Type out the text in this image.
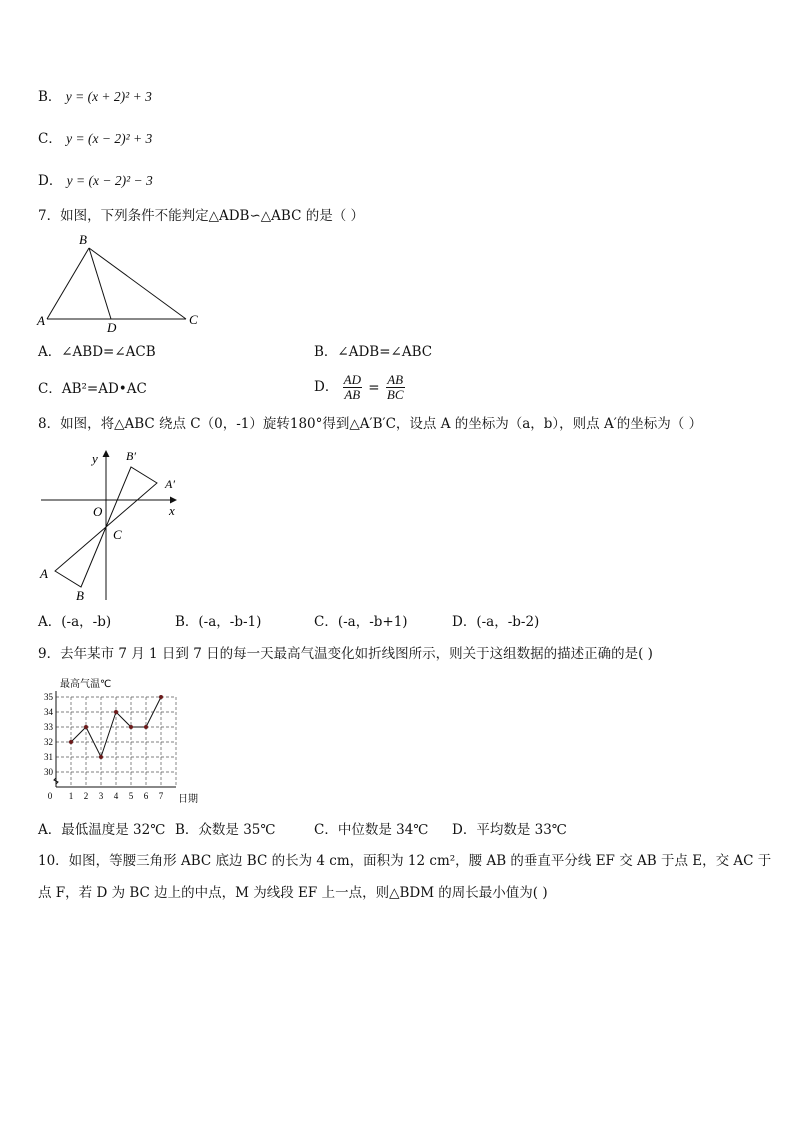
B． y = (x + 2)² + 3
C． y = (x − 2)² + 3
D． y = (x − 2)² − 3
7．如图，下列条件不能判定△ADB∽△ABC 的是（ ）
B
A	D
C
A．∠ABD=∠ACB	B．∠ADB=∠ABC
C．AB²=AD•AC	D． $\frac{AD}{AB} = \frac{AB}{BC}$
8．如图，将△ABC 绕点 C（0，-1）旋转180°得到△A′B′C，设点 A 的坐标为（a，b），则点 A′的坐标为（ ）
y
x
O
C
B′
A′
A
B
A．(-a，-b)	B．(-a，-b-1)	C．(-a，-b+1)	D．(-a，-b-2)
9．去年某市 7 月 1 日到 7 日的每一天最高气温变化如折线图所示，则关于这组数据的描述正确的是( )
30
31
32
33
34
35
0 1 2 3 4 5 6 7
最高气温℃
日期
A．最低温度是 32℃ B．众数是 35℃	C．中位数是 34℃ D．平均数是 33℃
10．如图，等腰三角形 ABC 底边 BC 的长为 4 cm，面积为 12 cm²，腰 AB 的垂直平分线 EF 交 AB 于点 E，交 AC 于
点 F，若 D 为 BC 边上的中点，M 为线段 EF 上一点，则△BDM 的周长最小值为( )
